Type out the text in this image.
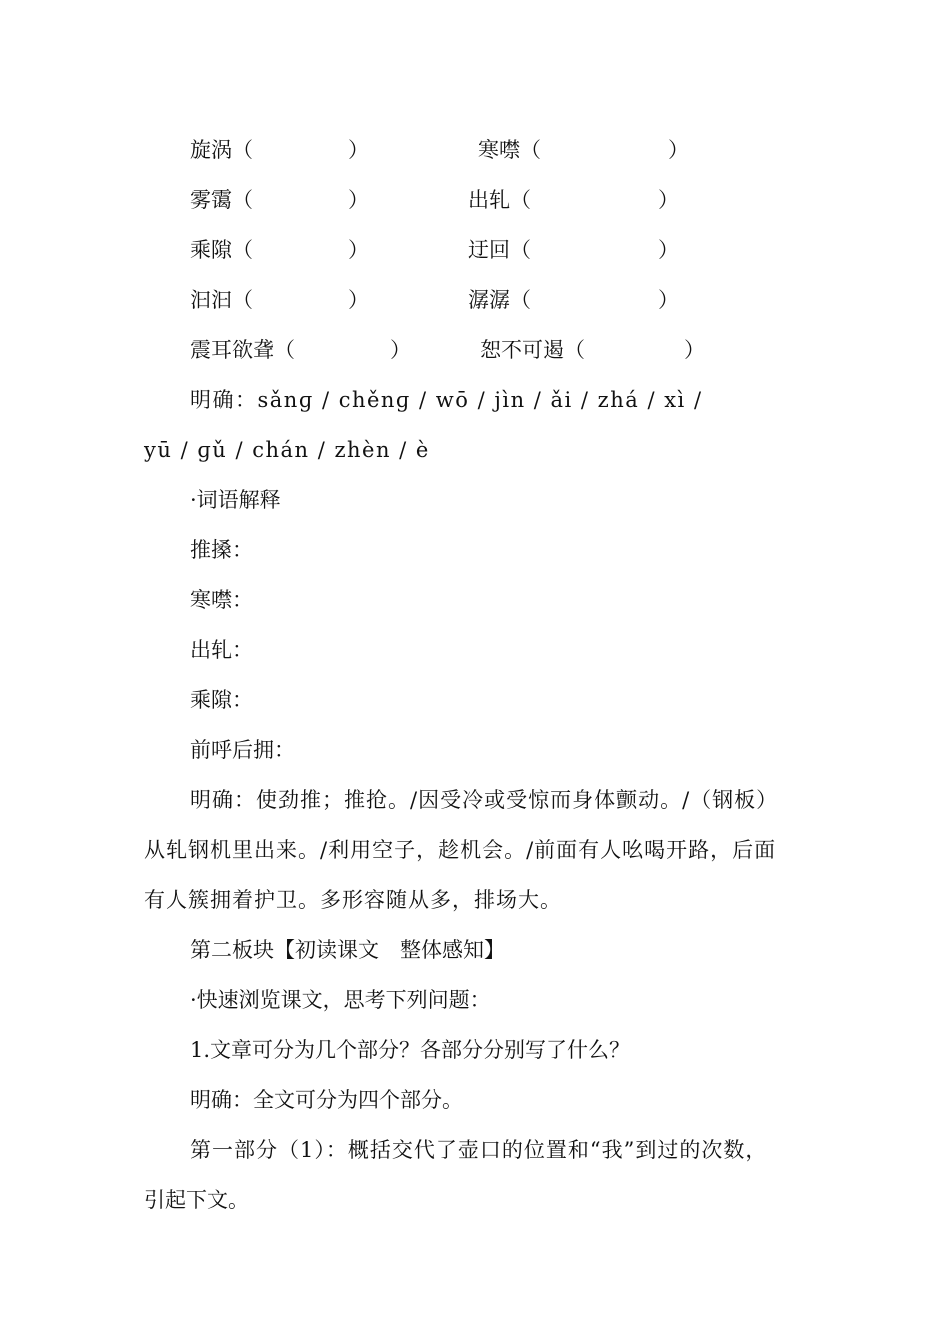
旋涡（	）	寒噤（	）
雾霭（	）	出轧（	）
乘隙（	）	迂回（	）
汩汩（	）	潺潺（	）
震耳欲聋（	）	恕不可遏（	）
明确：sǎnɡ / chěnɡ / wō / jìn / ǎi / zhá / xì /
yū / ɡǔ / chán / zhèn / è
·词语解释
推搡：
寒噤：
出轧：
乘隙：
前呼后拥：
明确：使劲推；推抢。/因受冷或受惊而身体颤动。/（钢板）
从轧钢机里出来。/利用空子，趁机会。/前面有人吆喝开路，后面
有人簇拥着护卫。多形容随从多，排场大。
第二板块【初读课文　整体感知】
·快速浏览课文，思考下列问题：
1.文章可分为几个部分？各部分分别写了什么？
明确：全文可分为四个部分。
第一部分（1）：概括交代了壶口的位置和“我”到过的次数，
引起下文。
